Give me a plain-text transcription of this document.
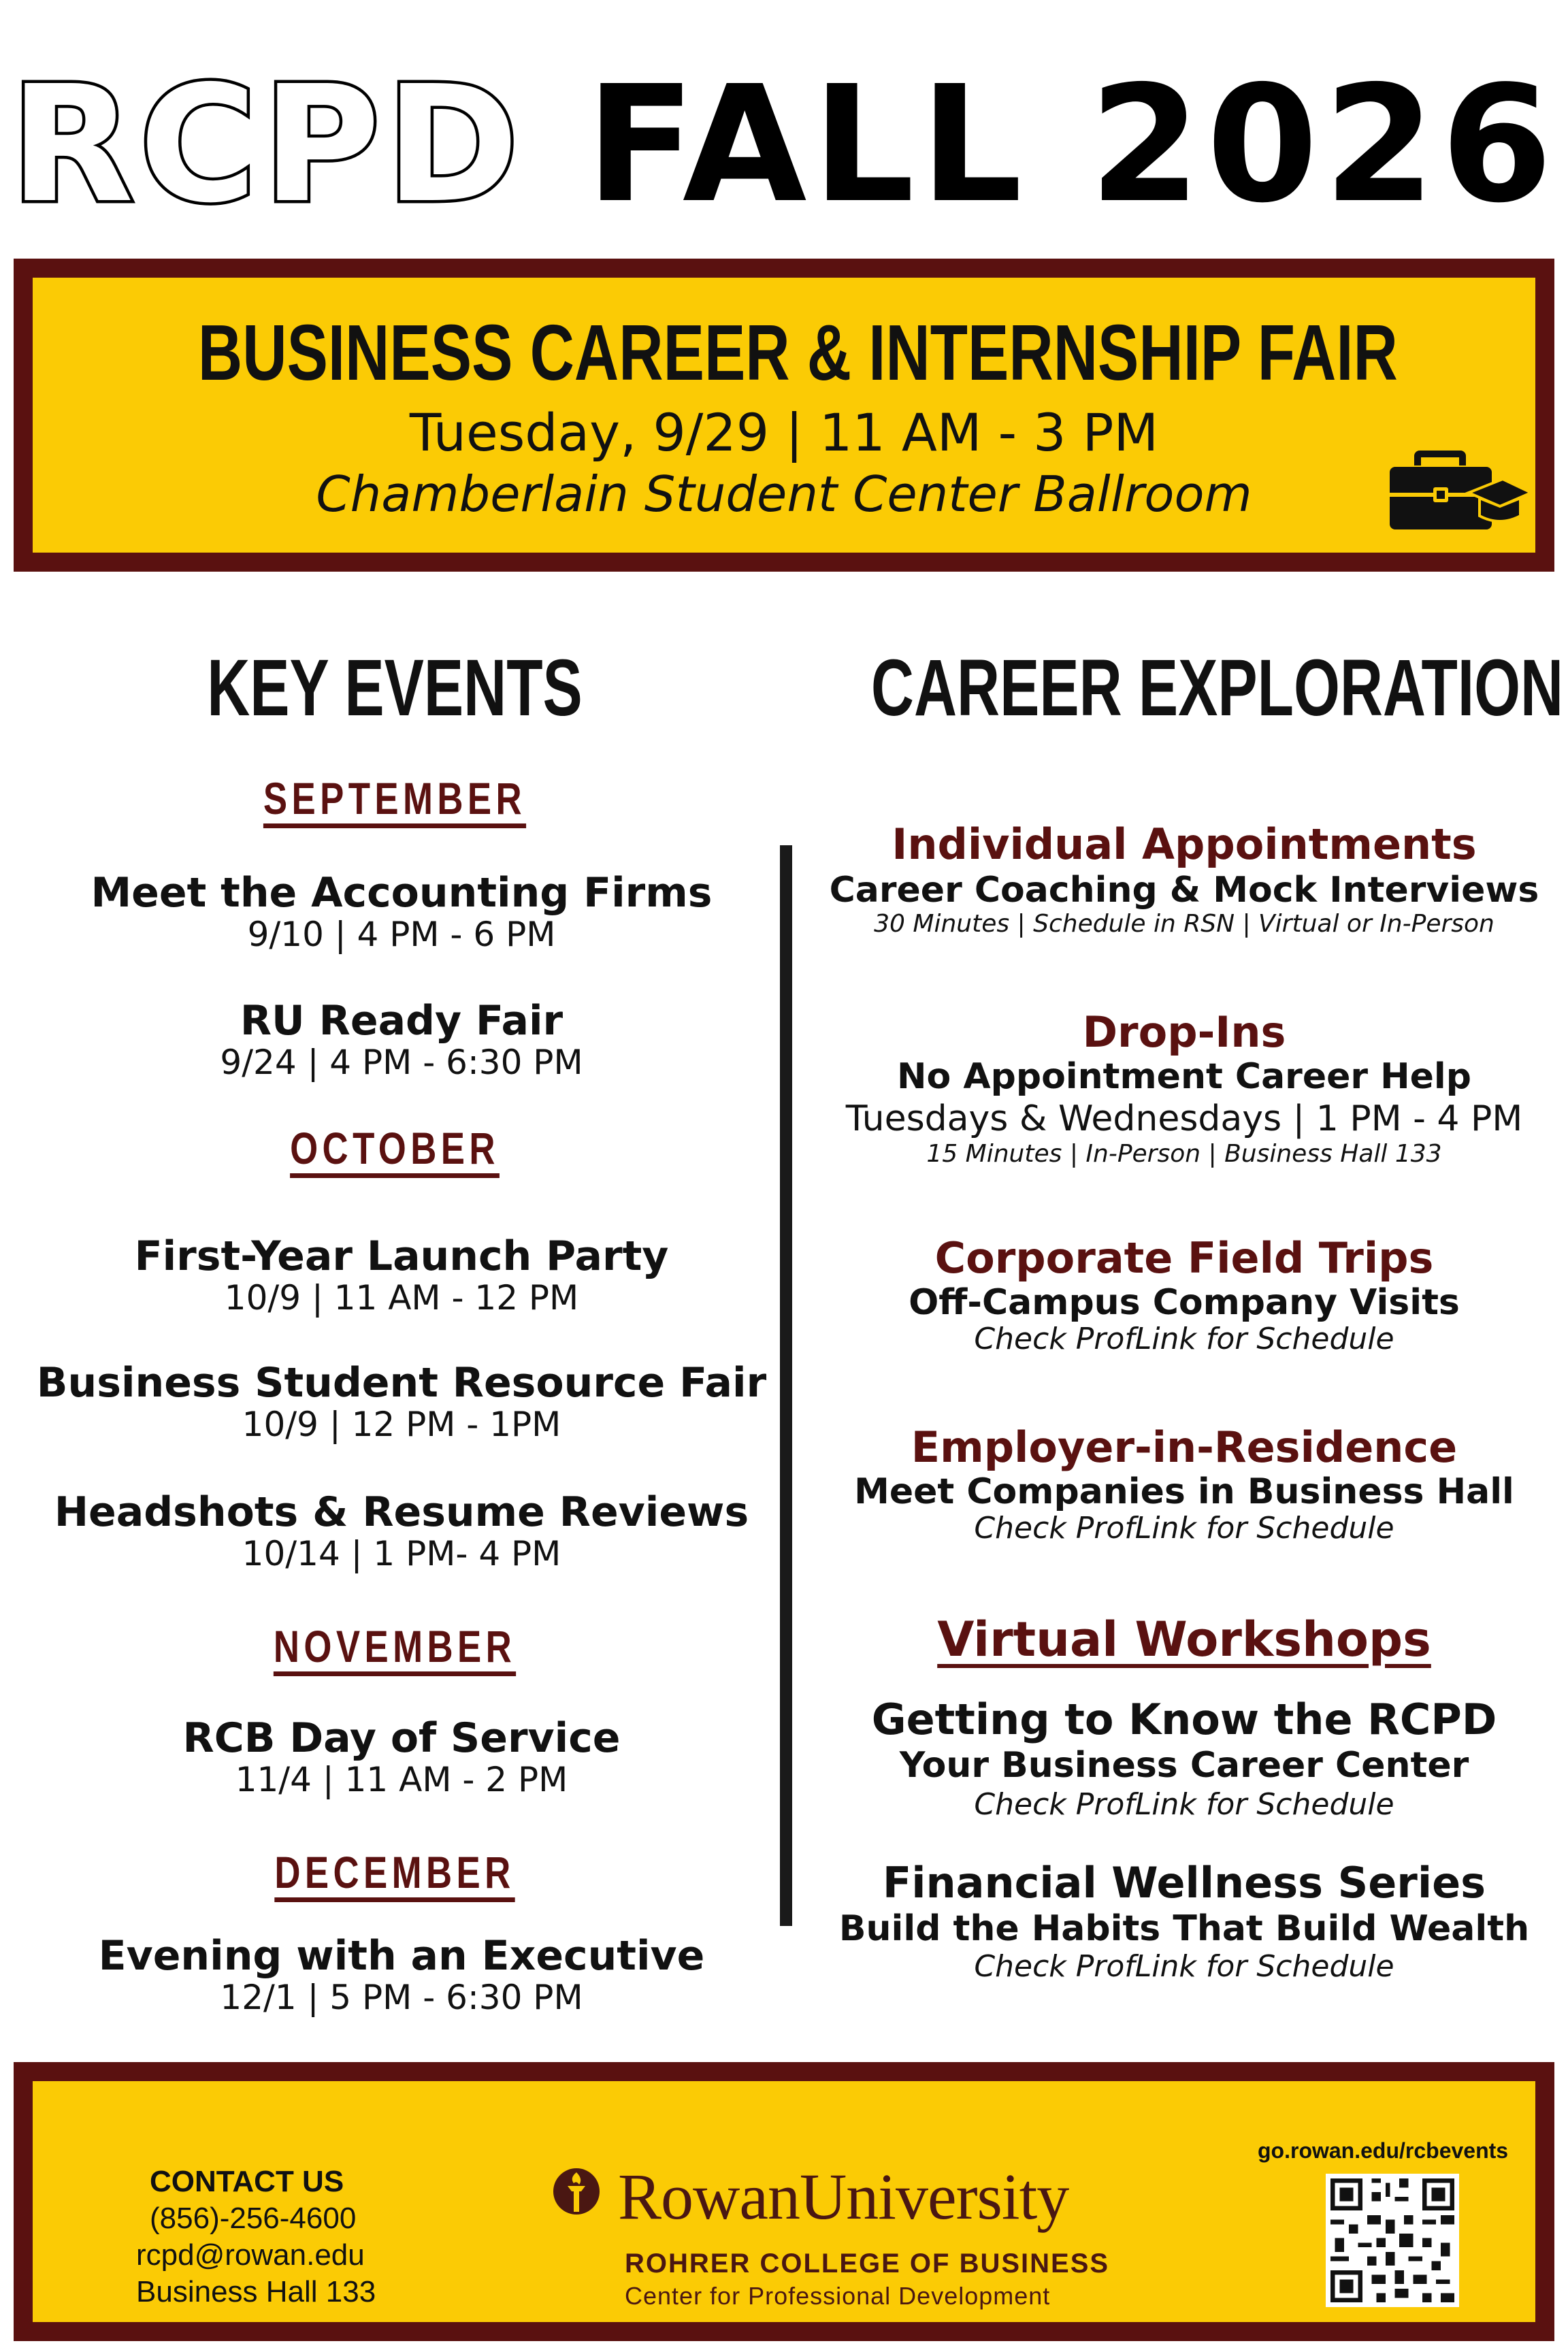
RCPD FALL 2026
BUSINESS CAREER & INTERNSHIP FAIR
Tuesday, 9/29 | 11 AM - 3 PM
Chamberlain Student Center Ballroom
KEY EVENTS	CAREER EXPLORATION
SEPTEMBER
Meet the Accounting Firms
9/10 | 4 PM - 6 PM
RU Ready Fair
9/24 | 4 PM - 6:30 PM
OCTOBER
First-Year Launch Party
10/9 | 11 AM - 12 PM
Business Student Resource Fair
10/9 | 12 PM - 1PM
Headshots & Resume Reviews
10/14 | 1 PM- 4 PM
NOVEMBER
RCB Day of Service
11/4 | 11 AM - 2 PM
DECEMBER
Evening with an Executive
12/1 | 5 PM - 6:30 PM
Individual Appointments
Career Coaching & Mock Interviews
30 Minutes | Schedule in RSN | Virtual or In-Person
Drop-Ins
No Appointment Career Help
Tuesdays & Wednesdays | 1 PM - 4 PM
15 Minutes | In-Person | Business Hall 133
Corporate Field Trips
Off-Campus Company Visits
Check ProfLink for Schedule
Employer-in-Residence
Meet Companies in Business Hall
Check ProfLink for Schedule
Virtual Workshops
Getting to Know the RCPD
Your Business Career Center
Check ProfLink for Schedule
Financial Wellness Series
Build the Habits That Build Wealth
Check ProfLink for Schedule
CONTACT US
(856)-256-4600
rcpd@rowan.edu
Business Hall 133
RowanUniversity
ROHRER COLLEGE OF BUSINESS
Center for Professional Development
go.rowan.edu/rcbevents
